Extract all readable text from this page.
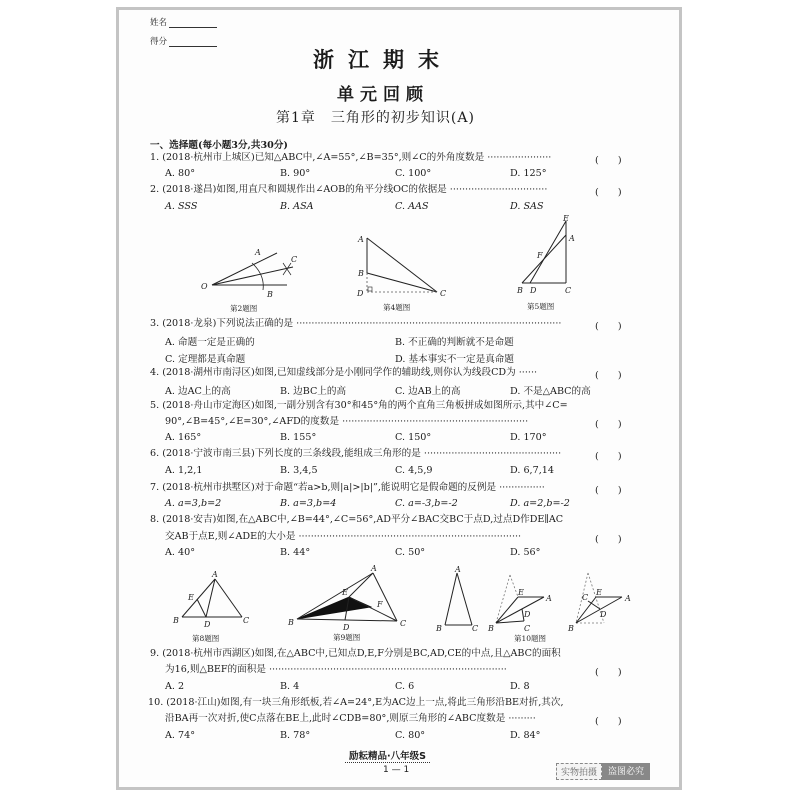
姓名
得分
浙江期末
单元回顾
第1章　三角形的初步知识(A)
一、选择题(每小题3分,共30分)
1. (2018·杭州市上城区)已知△ABC中,∠A=55°,∠B=35°,则∠C的外角度数是 ·····················	(　　)
A. 80°	B. 90°	C. 100°	D. 125°
2. (2018·遂昌)如图,用直尺和圆规作出∠AOB的角平分线OC的依据是 ································	(　　)
A. SSS	B. ASA	C. AAS	D. SAS
O
A
C
B
第2题图
A
B
D	C
第4题图
E
A
F
B D	C
第5题图
3. (2018·龙泉)下列说法正确的是 ·······················································································	(　　)
A. 命题一定是正确的	B. 不正确的判断就不是命题
C. 定理都是真命题	D. 基本事实不一定是真命题
4. (2018·湖州市南浔区)如图,已知虚线部分是小刚同学作的辅助线,则你认为线段CD为 ······	(　　)
A. 边AC上的高	B. 边BC上的高	C. 边AB上的高	D. 不是△ABC的高
5. (2018·舟山市定海区)如图,一副分别含有30°和45°角的两个直角三角板拼成如图所示,其中∠C=
90°,∠B=45°,∠E=30°,∠AFD的度数是 ·····························································	(　　)
A. 165°	B. 155°	C. 150°	D. 170°
6. (2018·宁波市南三县)下列长度的三条线段,能组成三角形的是 ·············································	(　　)
A. 1,2,1	B. 3,4,5	C. 4,5,9	D. 6,7,14
7. (2018·杭州市拱墅区)对于命题“若a>b,则|a|>|b|”,能说明它是假命题的反例是 ···············	(　　)
A. a=3,b=2	B. a=3,b=4	C. a=-3,b=-2	D. a=2,b=-2
8. (2018·安吉)如图,在△ABC中,∠B=44°,∠C=56°,AD平分∠BAC交BC于点D,过点D作DE∥AC
交AB于点E,则∠ADE的大小是 ·········································································	(　　)
A. 40°	B. 44°	C. 50°	D. 56°
A
E
B	D	C
第8题图
A
E
F
B
D	C
第9题图
A
B	C
E
A
D
B	C
C
E
A
D
B
第10题图
9. (2018·杭州市西湖区)如图,在△ABC中,已知点D,E,F分别是BC,AD,CE的中点,且△ABC的面积
为16,则△BEF的面积是 ··············································································	(　　)
A. 2	B. 4	C. 6	D. 8
10. (2018·江山)如图,有一块三角形纸板,若∠A=24°,E为AC边上一点,将此三角形沿BE对折,其次,
沿BA再一次对折,使C点落在BE上,此时∠CDB=80°,则原三角形的∠ABC度数是 ·········	(　　)
A. 74°	B. 78°	C. 80°	D. 84°
励耘精品·八年级S
1 — 1	实物拍摄	盗图必究
